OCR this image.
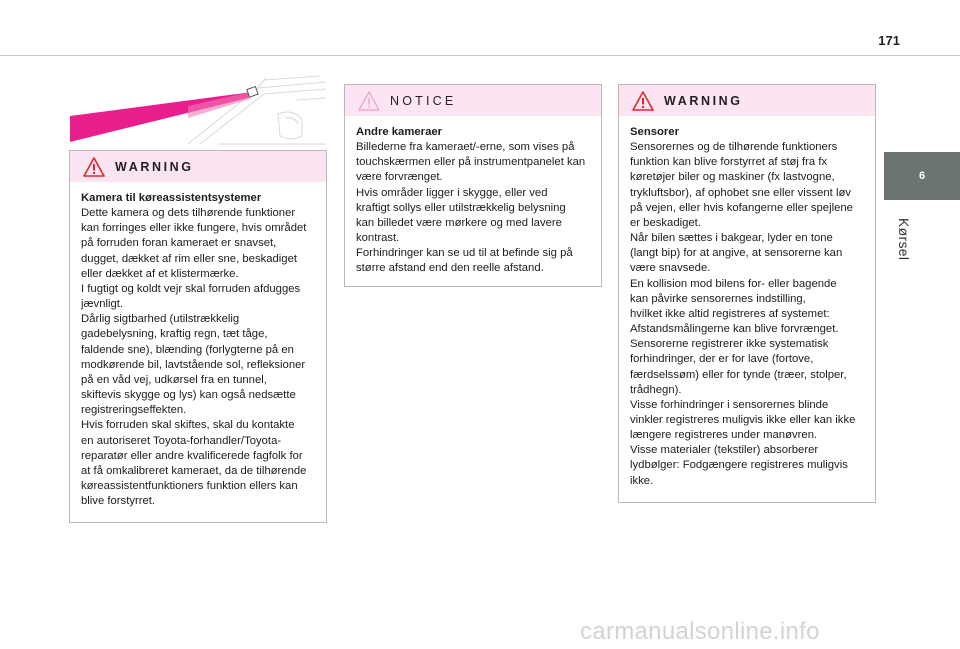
171
6
Kørsel
WARNING
Kamera til køreassistentsystemer
Dette kamera og dets tilhørende funktioner
kan forringes eller ikke fungere, hvis området
på forruden foran kameraet er snavset,
dugget, dækket af rim eller sne, beskadiget
eller dækket af et klistermærke.
I fugtigt og koldt vejr skal forruden afdugges
jævnligt.
Dårlig sigtbarhed (utilstrækkelig
gadebelysning, kraftig regn, tæt tåge,
faldende sne), blænding (forlygterne på en
modkørende bil, lavtstående sol, refleksioner
på en våd vej, udkørsel fra en tunnel,
skiftevis skygge og lys) kan også nedsætte
registreringseffekten.
Hvis forruden skal skiftes, skal du kontakte
en autoriseret Toyota-forhandler/Toyota-
reparatør eller andre kvalificerede fagfolk for
at få omkalibreret kameraet, da de tilhørende
køreassistentfunktioners funktion ellers kan
blive forstyrret.
NOTICE
Andre kameraer
Billederne fra kameraet/-erne, som vises på
touchskærmen eller på instrumentpanelet kan
være forvrænget.
Hvis områder ligger i skygge, eller ved
kraftigt sollys eller utilstrækkelig belysning
kan billedet være mørkere og med lavere
kontrast.
Forhindringer kan se ud til at befinde sig på
større afstand end den reelle afstand.
WARNING
Sensorer
Sensorernes og de tilhørende funktioners
funktion kan blive forstyrret af støj fra fx
køretøjer biler og maskiner (fx lastvogne,
trykluftsbor), af ophobet sne eller vissent løv
på vejen, eller hvis kofangerne eller spejlene
er beskadiget.
Når bilen sættes i bakgear, lyder en tone
(langt bip) for at angive, at sensorerne kan
være snavsede.
En kollision mod bilens for- eller bagende
kan påvirke sensorernes indstilling,
hvilket ikke altid registreres af systemet:
Afstandsmålingerne kan blive forvrænget.
Sensorerne registrerer ikke systematisk
forhindringer, der er for lave (fortove,
færdselssøm) eller for tynde (træer, stolper,
trådhegn).
Visse forhindringer i sensorernes blinde
vinkler registreres muligvis ikke eller kan ikke
længere registreres under manøvren.
Visse materialer (tekstiler) absorberer
lydbølger: Fodgængere registreres muligvis
ikke.
carmanualsonline.info
